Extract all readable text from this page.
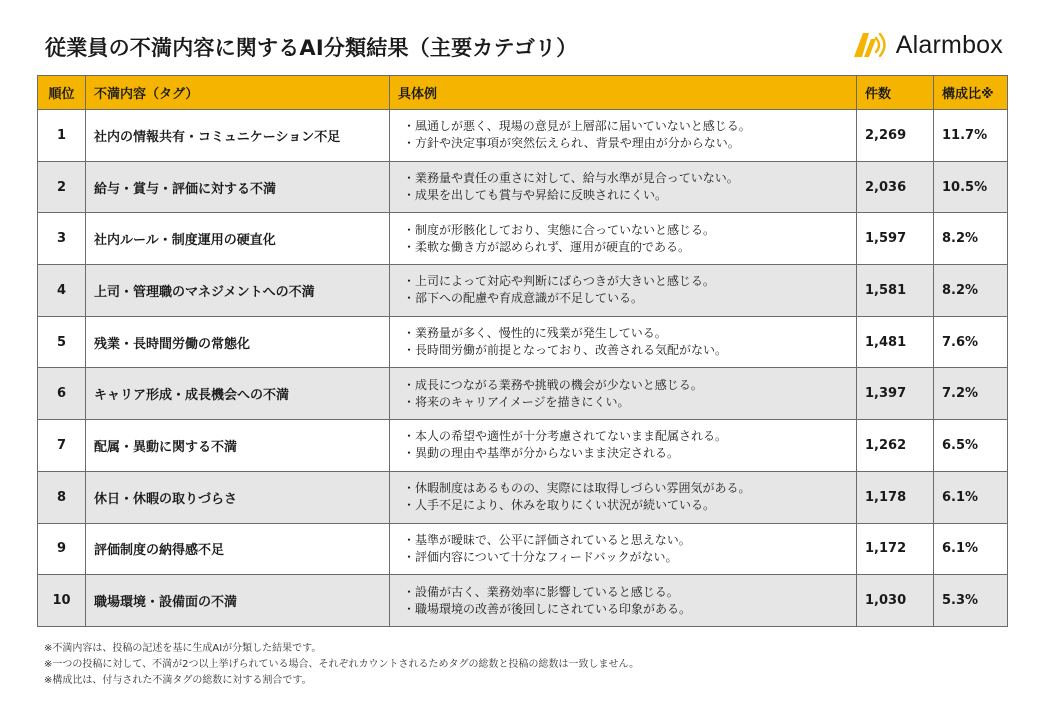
従業員の不満内容に関するAI分類結果（主要カテゴリ）	Alarmbox
順位	不満内容（タグ）	具体例	件数	構成比※
1	社内の情報共有・コミュニケーション不足	・風通しが悪く、現場の意見が上層部に届いていないと感じる。
・方針や決定事項が突然伝えられ、背景や理由が分からない。	2,269	11.7%
2	給与・賞与・評価に対する不満	・業務量や責任の重さに対して、給与水準が見合っていない。
・成果を出しても賞与や昇給に反映されにくい。	2,036	10.5%
3	社内ルール・制度運用の硬直化	・制度が形骸化しており、実態に合っていないと感じる。
・柔軟な働き方が認められず、運用が硬直的である。	1,597	8.2%
4	上司・管理職のマネジメントへの不満	・上司によって対応や判断にばらつきが大きいと感じる。
・部下への配慮や育成意識が不足している。	1,581	8.2%
5	残業・長時間労働の常態化	・業務量が多く、慢性的に残業が発生している。
・長時間労働が前提となっており、改善される気配がない。	1,481	7.6%
6	キャリア形成・成長機会への不満	・成長につながる業務や挑戦の機会が少ないと感じる。
・将来のキャリアイメージを描きにくい。	1,397	7.2%
7	配属・異動に関する不満	・本人の希望や適性が十分考慮されてないまま配属される。
・異動の理由や基準が分からないまま決定される。	1,262	6.5%
8	休日・休暇の取りづらさ	・休暇制度はあるものの、実際には取得しづらい雰囲気がある。
・人手不足により、休みを取りにくい状況が続いている。	1,178	6.1%
9	評価制度の納得感不足	・基準が曖昧で、公平に評価されていると思えない。
・評価内容について十分なフィードバックがない。	1,172	6.1%
10	職場環境・設備面の不満	・設備が古く、業務効率に影響していると感じる。
・職場環境の改善が後回しにされている印象がある。	1,030	5.3%
※不満内容は、投稿の記述を基に生成AIが分類した結果です。
※一つの投稿に対して、不満が2つ以上挙げられている場合、それぞれカウントされるためタグの総数と投稿の総数は一致しません。
※構成比は、付与された不満タグの総数に対する割合です。
